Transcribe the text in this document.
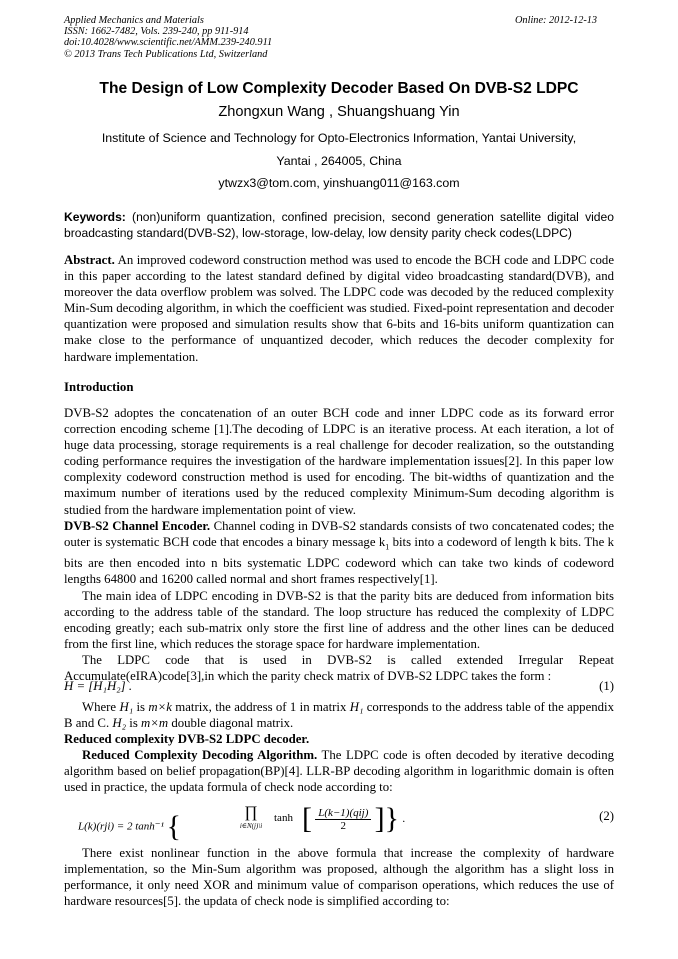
Applied Mechanics and Materials
ISSN: 1662-7482, Vols. 239-240, pp 911-914
doi:10.4028/www.scientific.net/AMM.239-240.911
© 2013 Trans Tech Publications Ltd, Switzerland
Online: 2012-12-13
The Design of Low Complexity Decoder Based On DVB-S2 LDPC
Zhongxun Wang , Shuangshuang Yin
Institute of Science and Technology for Opto-Electronics Information, Yantai University,
Yantai , 264005, China
ytwzx3@tom.com, yinshuang011@163.com

Keywords: (non)uniform quantization, confined precision, second generation satellite digital video broadcasting standard(DVB-S2), low-storage, low-delay, low density parity check codes(LDPC)

Abstract. An improved codeword construction method was used to encode the BCH code and LDPC code in this paper according to the latest standard defined by digital video broadcasting standard(DVB), and moreover the data overflow problem was solved. The LDPC code was decoded by the reduced complexity Min-Sum decoding algorithm, in which the coefficient was studied. Fixed-point representation and decoder quantization were proposed and simulation results show that 6-bits and 16-bits uniform quantization can make close to the performance of unquantized decoder, which reduces the decoder complexity for hardware implementation.

Introduction

DVB-S2 adoptes the concatenation of an outer BCH code and inner LDPC code as its forward error correction encoding scheme [1].The decoding of LDPC is an iterative process. At each iteration, a lot of huge data processing, storage requirements is a real challenge for decoder realization, so the outstanding coding performance requires the investigation of the hardware implementation issues[2]. In this paper low complexity codeword construction method is used for encoding. The bit-widths of quantization and the maximum number of iterations used by the reduced complexity Minimum-Sum decoding algorithm is studied from the hardware implementation point of view.

DVB-S2 Channel Encoder. Channel coding in DVB-S2 standards consists of two concatenated codes; the outer is systematic BCH code that encodes a binary message $k_1$ bits into a codeword of length k bits. The k bits are then encoded into n bits systematic LDPC codeword which can take two kinds of codeword lengths 64800 and 16200 called normal and short frames respectively[1].

The main idea of LDPC encoding in DVB-S2 is that the parity bits are deduced from information bits according to the address table of the standard. The loop structure has reduced the complexity of LDPC encoding greatly; each sub-matrix only store the first line of address and the other lines can be deduced from the first line, which reduces the storage space for hardware implementation.

The LDPC code that is used in DVB-S2 is called extended Irregular Repeat Accumulate(eIRA)code[3],in which the parity check matrix of DVB-S2 LDPC takes the form :

H = [H₁H₂] .	(1)

Where H₁ is m×k matrix, the address of 1 in matrix H₁ corresponds to the address table of the appendix B and C. H₂ is m×m double diagonal matrix.

Reduced complexity DVB-S2 LDPC decoder.

Reduced Complexity Decoding Algorithm. The LDPC code is often decoded by iterative decoding algorithm based on belief propagation(BP)[4]. LLR-BP decoding algorithm in logarithmic domain is often used in practice, the updata formula of check node according to:

L(k)(rji) = 2 tanh⁻¹ {	∏
i∈N(j)\i
tanh [ $\frac{\text{L(k−1)(qij)}}{2}$ ]} .	(2)

There exist nonlinear function in the above formula that increase the complexity of hardware implementation, so the Min-Sum algorithm was proposed, although the algorithm has a slight loss in performance, it only need XOR and minimum value of comparison operations, which reduces the use of hardware resources[5]. the updata of check node is simplified according to:
